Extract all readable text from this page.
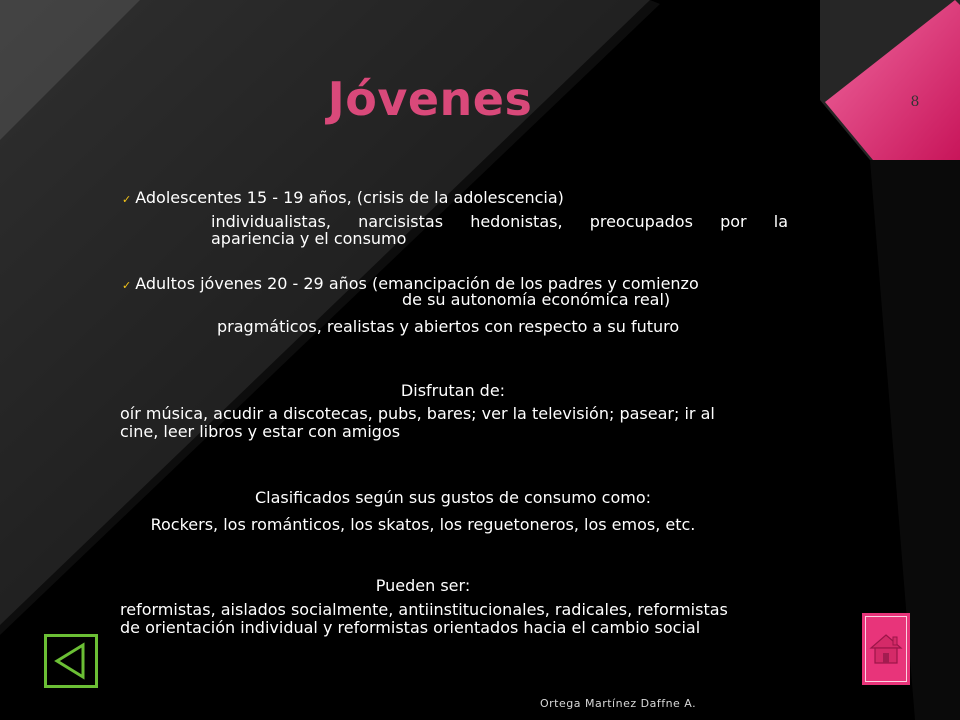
Jóvenes	8
✓ Adolescentes 15 - 19 años, (crisis de la adolescencia)
individualistas, narcisistas hedonistas, preocupados por la
apariencia y el consumo
✓ Adultos jóvenes 20 - 29 años (emancipación de los padres y comienzo
de su autonomía económica real)
pragmáticos, realistas y abiertos con respecto a su futuro
Disfrutan de:
oír música, acudir a discotecas, pubs, bares; ver la televisión; pasear; ir al
cine, leer libros y estar con amigos
Clasificados según sus gustos de consumo como:
Rockers, los románticos, los skatos, los reguetoneros, los emos, etc.
Pueden ser:
reformistas, aislados socialmente, antiinstitucionales, radicales, reformistas
de orientación individual y reformistas orientados hacia el cambio social
Ortega Martínez Daffne A.
